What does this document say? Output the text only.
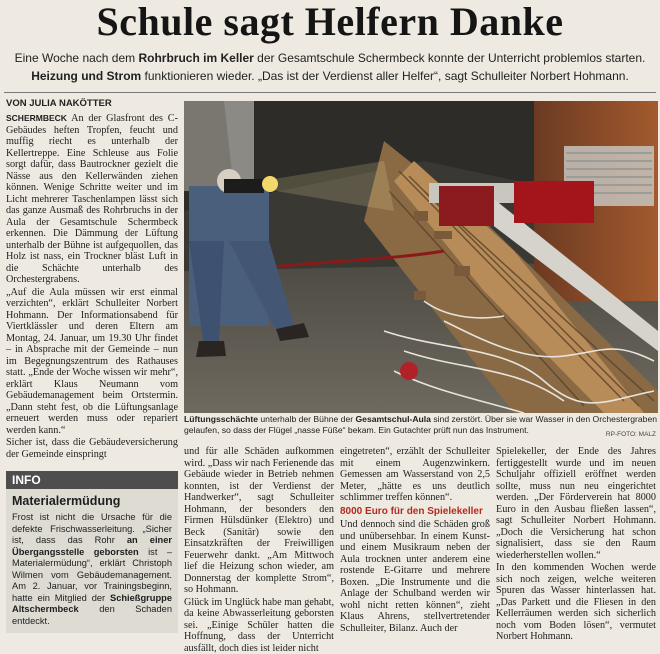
Schule sagt Helfern Danke
Eine Woche nach dem Rohrbruch im Keller der Gesamtschule Schermbeck konnte der Unterricht problemlos starten.
Heizung und Strom funktionieren wieder. „Das ist der Verdienst aller Helfer“, sagt Schulleiter Norbert Hohmann.
VON JULIA NAKÖTTER

SCHERMBECK An der Glasfront des C-Gebäudes heften Tropfen, feucht und muffig riecht es unterhalb der Kellertreppe. Eine Schleuse aus Folie sorgt dafür, dass Bautrockner gezielt die Nässe aus den Kellerwänden ziehen können. Wenige Schritte weiter und im Licht mehrerer Taschenlampen lässt sich das ganze Ausmaß des Rohrbruchs in der Aula der Gesamtschule Schermbeck erkennen. Die Dämmung der Lüftung unterhalb der Bühne ist aufgequollen, das Holz ist nass, ein Trockner bläst Luft in die Schächte unterhalb des Orchestergrabens.

„Auf die Aula müssen wir erst einmal verzichten“, erklärt Schulleiter Norbert Hohmann. Der Informationsabend für Viertklässler und deren Eltern am Montag, 24. Januar, um 19.30 Uhr findet – in Absprache mit der Gemeinde – nun im Begegnungszentrum des Rathauses statt. „Ende der Woche wissen wir mehr“, erklärt Klaus Neumann vom Gebäudemanagement beim Ortstermin. „Dann steht fest, ob die Lüftungsanlage erneuert werden muss oder repariert werden kann.“

Sicher ist, dass die Gebäudeversicherung der Gemeinde einspringt

Lüftungsschächte unterhalb der Bühne der Gesamtschul-Aula sind zerstört. Über sie war Wasser in den Orchestergraben gelaufen, so dass der Flügel „nasse Füße“ bekam. Ein Gutachter prüft nun das Instrument.	RP-FOTO: MALZ
INFO
Materialermüdung
Frost ist nicht die Ursache für die defekte Frischwasserleitung. „Sicher ist, dass das Rohr an einer Übergangsstelle geborsten ist – Materialermüdung“, erklärt Christoph Wilmen vom Gebäudemanagement. Am 2. Januar, vor Trainingsbeginn, hatte ein Mitglied der Schießgruppe Altschermbeck den Schaden entdeckt.

und für alle Schäden aufkommen wird. „Dass wir nach Ferienende das Gebäude wieder in Betrieb nehmen konnten, ist der Verdienst der Handwerker“, sagt Schulleiter Hohmann, der besonders den Firmen Hülsdünker (Elektro) und Beck (Sanitär) sowie den Einsatzkräften der Freiwilligen Feuerwehr dankt. „Am Mittwoch lief die Heizung schon wieder, am Donnerstag der komplette Strom“, so Hohmann.

Glück im Unglück habe man gehabt, da keine Abwasserleitung geborsten sei. „Einige Schüler hatten die Hoffnung, dass der Unterricht ausfällt, doch dies ist leider nicht

eingetreten“, erzählt der Schulleiter mit einem Augenzwinkern. Gemessen am Wasserstand von 2,5 Meter, „hätte es uns deutlich schlimmer treffen können“.

8000 Euro für den Spielekeller

Und dennoch sind die Schäden groß und unübersehbar. In einem Kunst- und einem Musikraum neben der Aula trocknen unter anderem eine rostende E-Gitarre und mehrere Boxen. „Die Instrumente und die Anlage der Schulband werden wir wohl nicht retten können“, zieht Klaus Ahrens, stellvertretender Schulleiter, Bilanz. Auch der

Spielekeller, der Ende des Jahres fertiggestellt wurde und im neuen Schuljahr offiziell eröffnet werden sollte, muss nun neu eingerichtet werden. „Der Förderverein hat 8000 Euro in den Ausbau fließen lassen“, sagt Schulleiter Norbert Hohmann. „Doch die Versicherung hat schon signalisiert, dass sie den Raum wiederherstellen wollen.“

In den kommenden Wochen werde sich noch zeigen, welche weiteren Spuren das Wasser hinterlassen hat. „Das Parkett und die Fliesen in den Kellerräumen werden sich sicherlich noch vom Boden lösen“, vermutet Norbert Hohmann.
